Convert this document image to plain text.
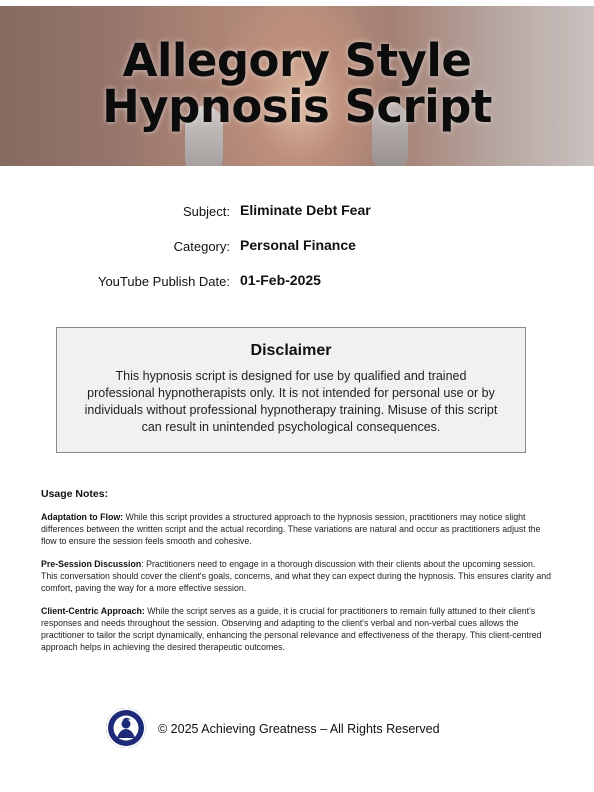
Allegory Style
Hypnosis Script
Subject: Eliminate Debt Fear
Category: Personal Finance
YouTube Publish Date: 01-Feb-2025
Disclaimer

This hypnosis script is designed for use by qualified and trained professional hypnotherapists only. It is not intended for personal use or by individuals without professional hypnotherapy training. Misuse of this script can result in unintended psychological consequences.

Usage Notes:

Adaptation to Flow: While this script provides a structured approach to the hypnosis session, practitioners may notice slight differences between the written script and the actual recording. These variations are natural and occur as practitioners adjust the flow to ensure the session feels smooth and cohesive.

Pre-Session Discussion: Practitioners need to engage in a thorough discussion with their clients about the upcoming session. This conversation should cover the client's goals, concerns, and what they can expect during the hypnosis. This ensures clarity and comfort, paving the way for a more effective session.

Client-Centric Approach: While the script serves as a guide, it is crucial for practitioners to remain fully attuned to their client's responses and needs throughout the session. Observing and adapting to the client's verbal and non-verbal cues allows the practitioner to tailor the script dynamically, enhancing the personal relevance and effectiveness of the therapy. This client-centred approach helps in achieving the desired therapeutic outcomes.

© 2025 Achieving Greatness – All Rights Reserved
